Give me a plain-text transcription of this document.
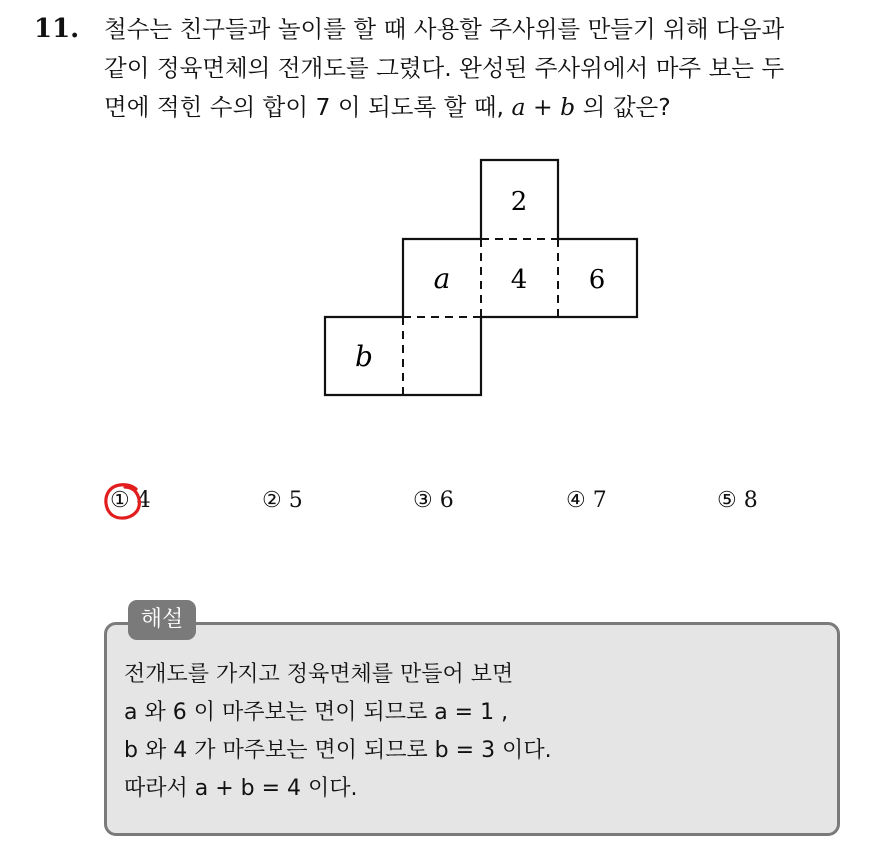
11. 철수는 친구들과 놀이를 할 때 사용할 주사위를 만들기 위해 다음과
같이 정육면체의 전개도를 그렸다. 완성된 주사위에서 마주 보는 두
면에 적힌 수의 합이 7 이 되도록 할 때, a + b 의 값은?
2
a 4 6
b
① 4	② 5	③ 6	④ 7	⑤ 8
해설
전개도를 가지고 정육면체를 만들어 보면
a 와 6 이 마주보는 면이 되므로 a = 1 ,
b 와 4 가 마주보는 면이 되므로 b = 3 이다.
따라서 a + b = 4 이다.
